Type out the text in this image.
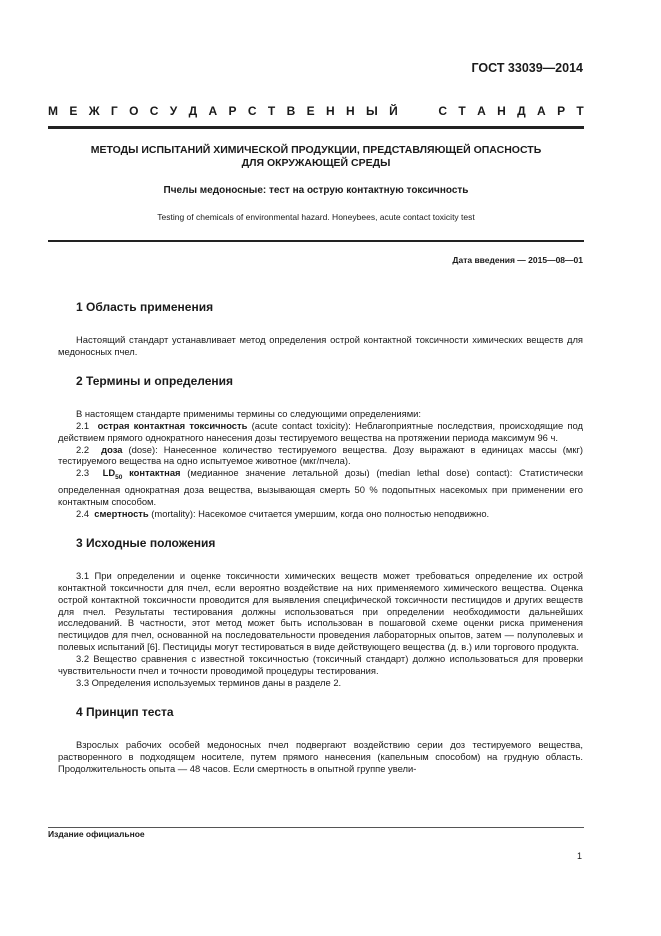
ГОСТ 33039—2014
М Е Ж Г О С У Д А Р С Т В Е Н Н Ы Й

	С Т А Н Д А Р Т
МЕТОДЫ ИСПЫТАНИЙ ХИМИЧЕСКОЙ ПРОДУКЦИИ, ПРЕДСТАВЛЯЮЩЕЙ ОПАСНОСТЬ
ДЛЯ ОКРУЖАЮЩЕЙ СРЕДЫ
Пчелы медоносные: тест на острую контактную токсичность
Testing of chemicals of environmental hazard. Honeybees, acute contact toxicity test
Дата введения — 2015—08—01
1 Область применения

Настоящий стандарт устанавливает метод определения острой контактной токсичности химических веществ для медоносных пчел.

2 Термины и определения

В настоящем стандарте применимы термины со следующими определениями:

2.1 острая контактная токсичность (acute contact toxicity): Неблагоприятные последствия, происходящие под действием прямого однократного нанесения дозы тестируемого вещества на протяжении периода максимум 96 ч.

2.2 доза (dose): Нанесенное количество тестируемого вещества. Дозу выражают в единицах массы (мкг) тестируемого вещества на одно испытуемое животное (мкг/пчела).

2.3 $LD_{50}$ контактная (медианное значение летальной дозы) (median lethal dose) contact): Статистически определенная однократная доза вещества, вызывающая смерть 50 % подопытных насекомых при применении его контактным способом.

2.4 смертность (mortality): Насекомое считается умершим, когда оно полностью неподвижно.

3 Исходные положения

3.1 При определении и оценке токсичности химических веществ может требоваться определение их острой контактной токсичности для пчел, если вероятно воздействие на них применяемого химического вещества. Оценка острой контактной токсичности проводится для выявления специфической токсичности пестицидов и других веществ для пчел. Результаты тестирования должны использоваться при определении необходимости дальнейших исследований. В частности, этот метод может быть использован в пошаговой схеме оценки риска применения пестицидов для пчел, основанной на последовательности проведения лабораторных опытов, затем — полуполевых и полевых испытаний [6]. Пестициды могут тестироваться в виде действующего вещества (д. в.) или торгового продукта.

3.2 Вещество сравнения с известной токсичностью (токсичный стандарт) должно использоваться для проверки чувствительности пчел и точности проводимой процедуры тестирования.

3.3 Определения используемых терминов даны в разделе 2.

4 Принцип теста

Взрослых рабочих особей медоносных пчел подвергают воздействию серии доз тестируемого вещества, растворенного в подходящем носителе, путем прямого нанесения (капельным способом) на грудную область. Продолжительность опыта — 48 часов. Если смертность в опытной группе увели-

Издание официальное
1
